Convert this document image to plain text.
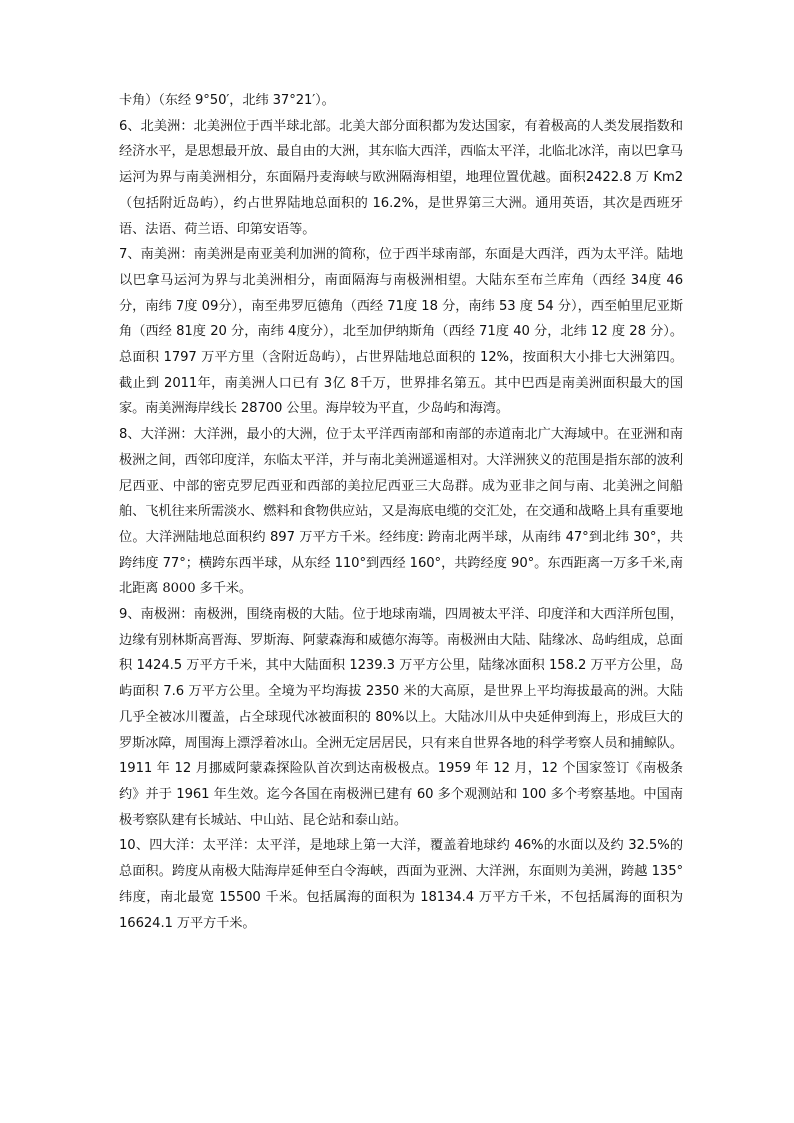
卡角）（东经 9°50′，北纬 37°21′）。

6、北美洲：北美洲位于西半球北部。北美大部分面积都为发达国家，有着极高的人类发展指数和经济水平，是思想最开放、最自由的大洲，其东临大西洋，西临太平洋，北临北冰洋，南以巴拿马运河为界与南美洲相分，东面隔丹麦海峡与欧洲隔海相望，地理位置优越。面积2422.8 万 Km2（包括附近岛屿），约占世界陆地总面积的 16.2%，是世界第三大洲。通用英语，其次是西班牙语、法语、荷兰语、印第安语等。

7、南美洲：南美洲是南亚美利加洲的简称，位于西半球南部，东面是大西洋，西为太平洋。陆地以巴拿马运河为界与北美洲相分，南面隔海与南极洲相望。大陆东至布兰库角（西经 34度 46分，南纬 7度 09分），南至弗罗厄德角（西经 71度 18 分，南纬 53 度 54 分），西至帕里尼亚斯角（西经 81度 20 分，南纬 4度分），北至加伊纳斯角（西经 71度 40 分，北纬 12 度 28 分）。总面积 1797 万平方里（含附近岛屿），占世界陆地总面积的 12%，按面积大小排七大洲第四。截止到 2011年，南美洲人口已有 3亿 8千万，世界排名第五。其中巴西是南美洲面积最大的国家。南美洲海岸线长 28700 公里。海岸较为平直，少岛屿和海湾。

8、大洋洲：大洋洲，最小的大洲，位于太平洋西南部和南部的赤道南北广大海域中。在亚洲和南极洲之间，西邻印度洋，东临太平洋，并与南北美洲遥遥相对。大洋洲狭义的范围是指东部的波利尼西亚、中部的密克罗尼西亚和西部的美拉尼西亚三大岛群。成为亚非之间与南、北美洲之间船舶、飞机往来所需淡水、燃料和食物供应站，又是海底电缆的交汇处，在交通和战略上具有重要地位。大洋洲陆地总面积约 897 万平方千米。经纬度: 跨南北两半球，从南纬 47°到北纬 30°，共跨纬度 77°；横跨东西半球，从东经 110°到西经 160°，共跨经度 90°。东西距离一万多千米,南北距离 8000 多千米。

9、南极洲：南极洲，围绕南极的大陆。位于地球南端，四周被太平洋、印度洋和大西洋所包围，边缘有别林斯高晋海、罗斯海、阿蒙森海和威德尔海等。南极洲由大陆、陆缘冰、岛屿组成，总面积 1424.5 万平方千米，其中大陆面积 1239.3 万平方公里，陆缘冰面积 158.2 万平方公里，岛屿面积 7.6 万平方公里。全境为平均海拔 2350 米的大高原，是世界上平均海拔最高的洲。大陆几乎全被冰川覆盖，占全球现代冰被面积的 80%以上。大陆冰川从中央延伸到海上，形成巨大的罗斯冰障，周围海上漂浮着冰山。全洲无定居居民，只有来自世界各地的科学考察人员和捕鲸队。1911 年 12 月挪威阿蒙森探险队首次到达南极极点。1959 年 12 月，12 个国家签订《南极条约》并于 1961 年生效。迄今各国在南极洲已建有 60 多个观测站和 100 多个考察基地。中国南极考察队建有长城站、中山站、昆仑站和泰山站。

10、四大洋：太平洋：太平洋，是地球上第一大洋，覆盖着地球约 46%的水面以及约 32.5%的总面积。跨度从南极大陆海岸延伸至白令海峡，西面为亚洲、大洋洲，东面则为美洲，跨越 135°纬度，南北最宽 15500 千米。包括属海的面积为 18134.4 万平方千米，不包括属海的面积为 16624.1 万平方千米。
